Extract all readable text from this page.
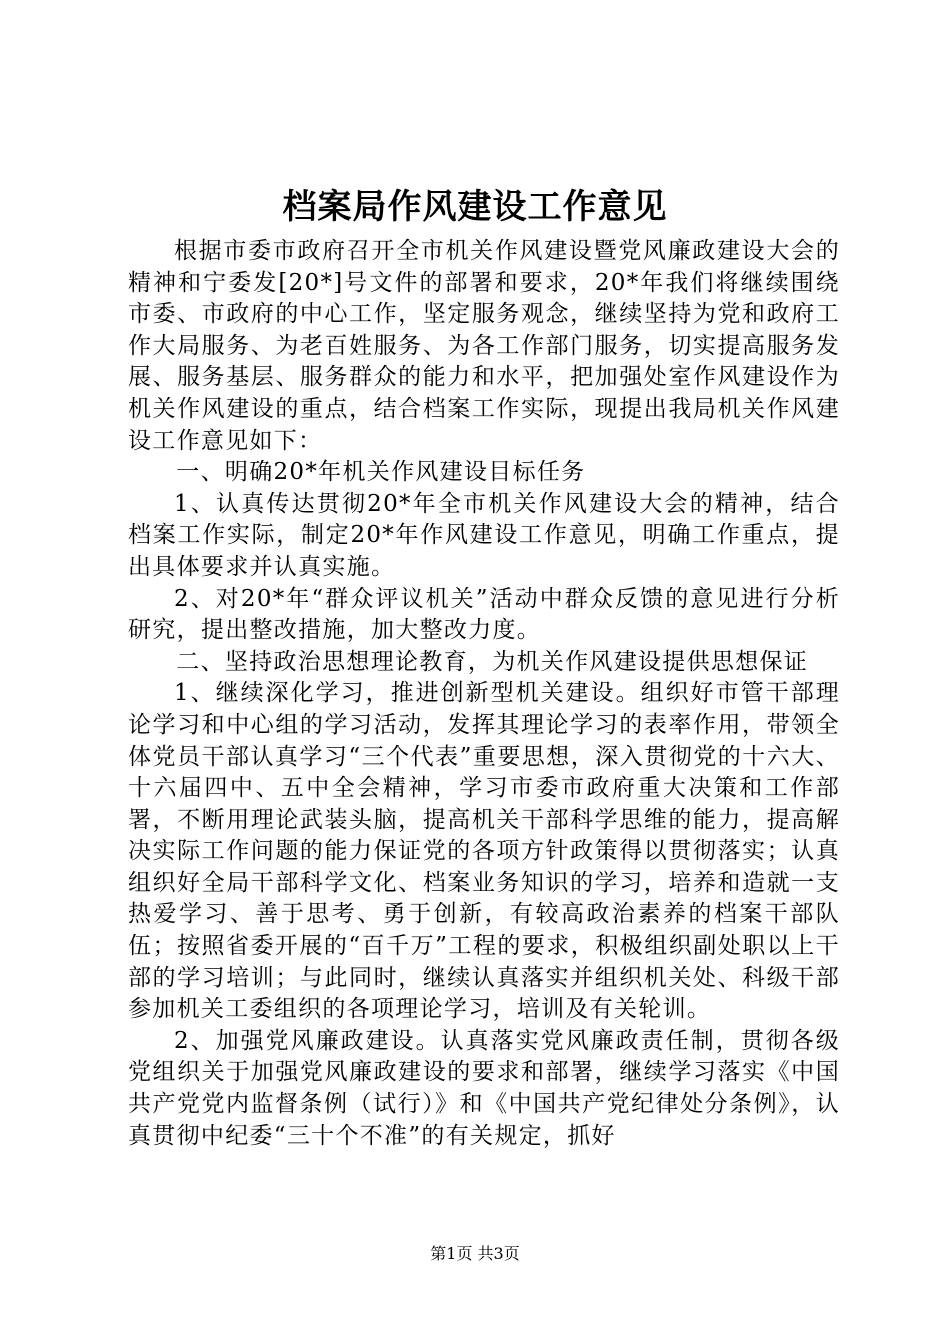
档案局作风建设工作意见

根据市委市政府召开全市机关作风建设暨党风廉政建设大会的精神和宁委发[20*]号文件的部署和要求，20*年我们将继续围绕市委、市政府的中心工作，坚定服务观念，继续坚持为党和政府工作大局服务、为老百姓服务、为各工作部门服务，切实提高服务发展、服务基层、服务群众的能力和水平，把加强处室作风建设作为机关作风建设的重点，结合档案工作实际，现提出我局机关作风建设工作意见如下：

一、明确20*年机关作风建设目标任务

1、认真传达贯彻20*年全市机关作风建设大会的精神，结合档案工作实际，制定20*年作风建设工作意见，明确工作重点，提出具体要求并认真实施。

2、对20*年“群众评议机关”活动中群众反馈的意见进行分析研究，提出整改措施，加大整改力度。

二、坚持政治思想理论教育，为机关作风建设提供思想保证

1、继续深化学习，推进创新型机关建设。组织好市管干部理论学习和中心组的学习活动，发挥其理论学习的表率作用，带领全体党员干部认真学习“三个代表”重要思想，深入贯彻党的十六大、十六届四中、五中全会精神，学习市委市政府重大决策和工作部署，不断用理论武装头脑，提高机关干部科学思维的能力，提高解决实际工作问题的能力保证党的各项方针政策得以贯彻落实；认真组织好全局干部科学文化、档案业务知识的学习，培养和造就一支热爱学习、善于思考、勇于创新，有较高政治素养的档案干部队伍；按照省委开展的“百千万”工程的要求，积极组织副处职以上干部的学习培训；与此同时，继续认真落实并组织机关处、科级干部参加机关工委组织的各项理论学习，培训及有关轮训。

2、加强党风廉政建设。认真落实党风廉政责任制，贯彻各级党组织关于加强党风廉政建设的要求和部署，继续学习落实《中国共产党党内监督条例（试行）》和《中国共产党纪律处分条例》，认真贯彻中纪委“三十个不准”的有关规定，抓好

第1页 共3页
